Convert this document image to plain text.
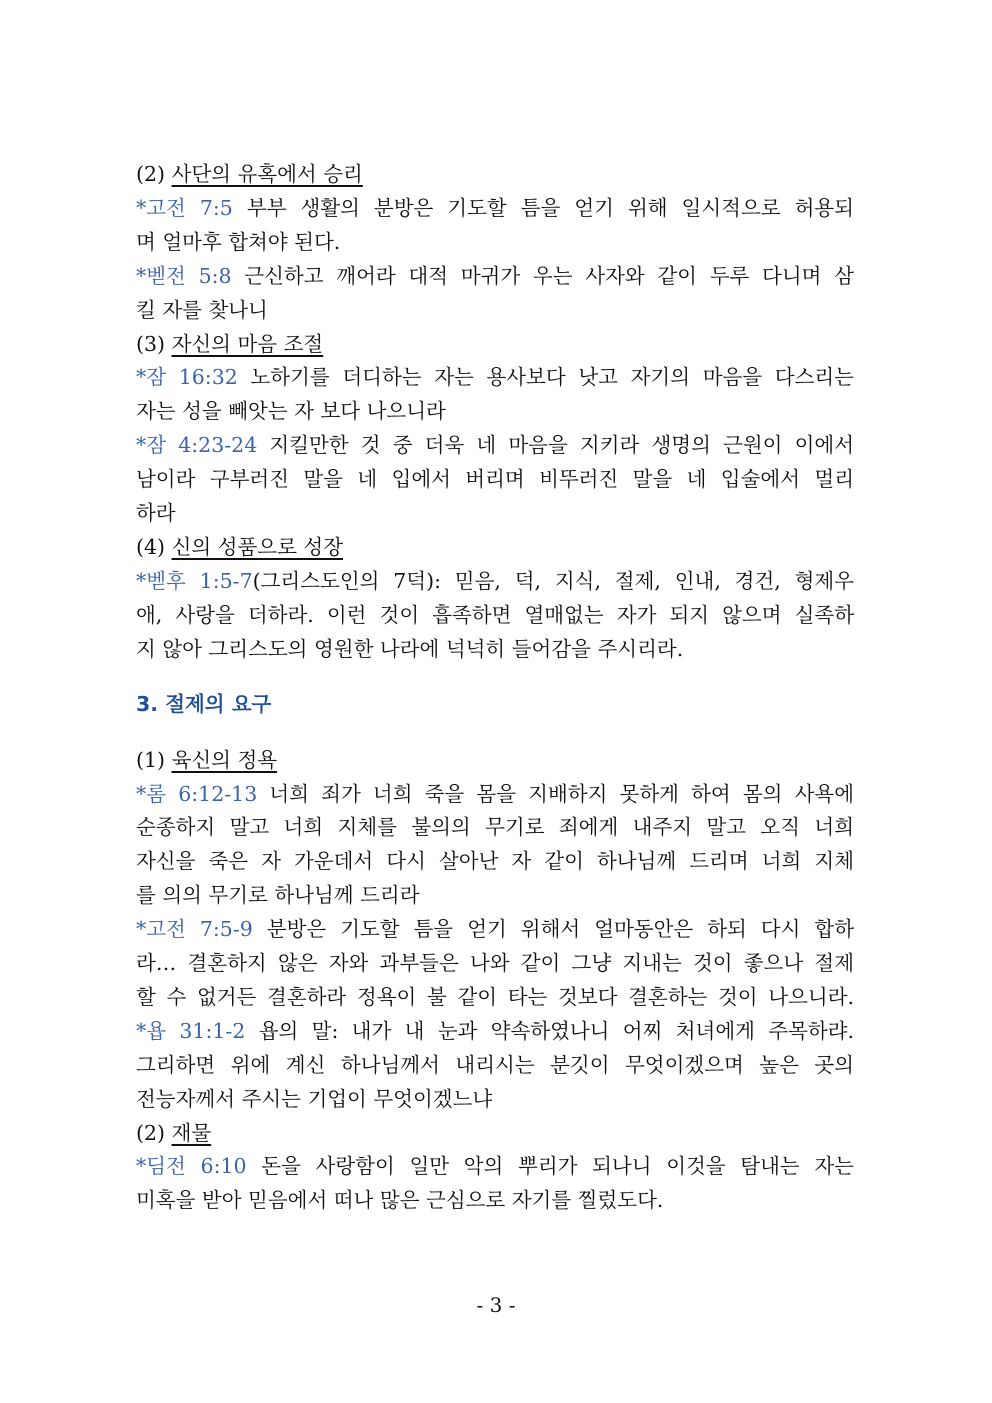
(2) 사단의 유혹에서 승리
*고전 7:5 부부 생활의 분방은 기도할 틈을 얻기 위해 일시적으로 허용되
며 얼마후 합쳐야 된다.
*벧전 5:8 근신하고 깨어라 대적 마귀가 우는 사자와 같이 두루 다니며 삼
킬 자를 찾나니
(3) 자신의 마음 조절
*잠 16:32 노하기를 더디하는 자는 용사보다 낫고 자기의 마음을 다스리는
자는 성을 빼앗는 자 보다 나으니라
*잠 4:23-24 지킬만한 것 중 더욱 네 마음을 지키라 생명의 근원이 이에서
남이라 구부러진 말을 네 입에서 버리며 비뚜러진 말을 네 입술에서 멀리
하라
(4) 신의 성품으로 성장
*벧후 1:5-7(그리스도인의 7덕): 믿음, 덕, 지식, 절제, 인내, 경건, 형제우
애, 사랑을 더하라. 이런 것이 흡족하면 열매없는 자가 되지 않으며 실족하
지 않아 그리스도의 영원한 나라에 넉넉히 들어감을 주시리라.
3. 절제의 요구
(1) 육신의 정욕
*롬 6:12-13 너희 죄가 너희 죽을 몸을 지배하지 못하게 하여 몸의 사욕에
순종하지 말고 너희 지체를 불의의 무기로 죄에게 내주지 말고 오직 너희
자신을 죽은 자 가운데서 다시 살아난 자 같이 하나님께 드리며 너희 지체
를 의의 무기로 하나님께 드리라
*고전 7:5-9 분방은 기도할 틈을 얻기 위해서 얼마동안은 하되 다시 합하
라… 결혼하지 않은 자와 과부들은 나와 같이 그냥 지내는 것이 좋으나 절제
할 수 없거든 결혼하라 정욕이 불 같이 타는 것보다 결혼하는 것이 나으니라.
*욥 31:1-2 욥의 말: 내가 내 눈과 약속하였나니 어찌 처녀에게 주목하랴.
그리하면 위에 계신 하나님께서 내리시는 분깃이 무엇이겠으며 높은 곳의
전능자께서 주시는 기업이 무엇이겠느냐
(2) 재물
*딤전 6:10 돈을 사랑함이 일만 악의 뿌리가 되나니 이것을 탐내는 자는
미혹을 받아 믿음에서 떠나 많은 근심으로 자기를 찔렀도다.
- 3 -
